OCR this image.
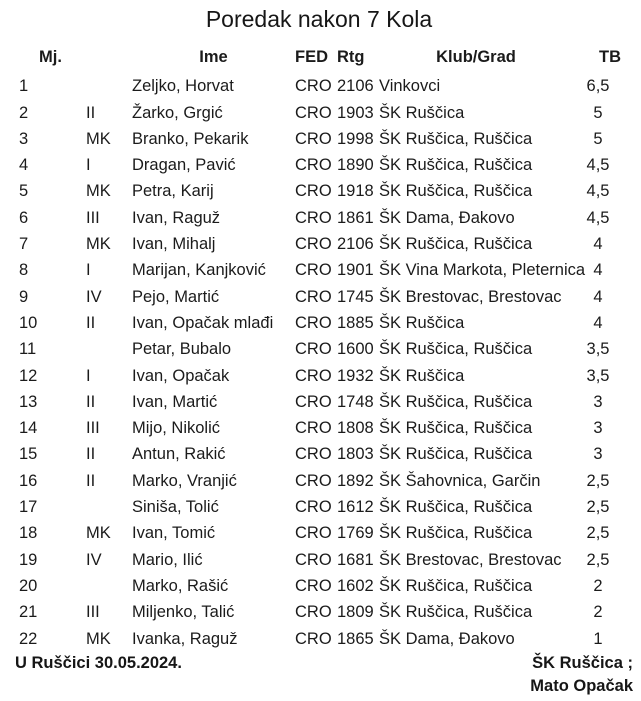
Poredak nakon 7 Kola
Mj.		Ime	FED	Rtg	Klub/Grad	TB
1		Zeljko, Horvat	CRO	2106	Vinkovci	6,5
2	II	Žarko, Grgić	CRO	1903	ŠK Ruščica	5
3	MK	Branko, Pekarik	CRO	1998	ŠK Ruščica, Ruščica	5
4	I	Dragan, Pavić	CRO	1890	ŠK Ruščica, Ruščica	4,5
5	MK	Petra, Karij	CRO	1918	ŠK Ruščica, Ruščica	4,5
6	III	Ivan, Raguž	CRO	1861	ŠK Dama, Đakovo	4,5
7	MK	Ivan, Mihalj	CRO	2106	ŠK Ruščica, Ruščica	4
8	I	Marijan, Kanjković	CRO	1901	ŠK Vina Markota, Pleternica	4
9	IV	Pejo, Martić	CRO	1745	ŠK Brestovac, Brestovac	4
10	II	Ivan, Opačak mlađi	CRO	1885	ŠK Ruščica	4
11		Petar, Bubalo	CRO	1600	ŠK Ruščica, Ruščica	3,5
12	I	Ivan, Opačak	CRO	1932	ŠK Ruščica	3,5
13	II	Ivan, Martić	CRO	1748	ŠK Ruščica, Ruščica	3
14	III	Mijo, Nikolić	CRO	1808	ŠK Ruščica, Ruščica	3
15	II	Antun, Rakić	CRO	1803	ŠK Ruščica, Ruščica	3
16	II	Marko, Vranjić	CRO	1892	ŠK Šahovnica, Garčin	2,5
17		Siniša, Tolić	CRO	1612	ŠK Ruščica, Ruščica	2,5
18	MK	Ivan, Tomić	CRO	1769	ŠK Ruščica, Ruščica	2,5
19	IV	Mario, Ilić	CRO	1681	ŠK Brestovac, Brestovac	2,5
20		Marko, Rašić	CRO	1602	ŠK Ruščica, Ruščica	2
21	III	Miljenko, Talić	CRO	1809	ŠK Ruščica, Ruščica	2
22	MK	Ivanka, Raguž	CRO	1865	ŠK Dama, Đakovo	1
U Ruščici 30.05.2024.	ŠK Ruščica ;
Mato Opačak
